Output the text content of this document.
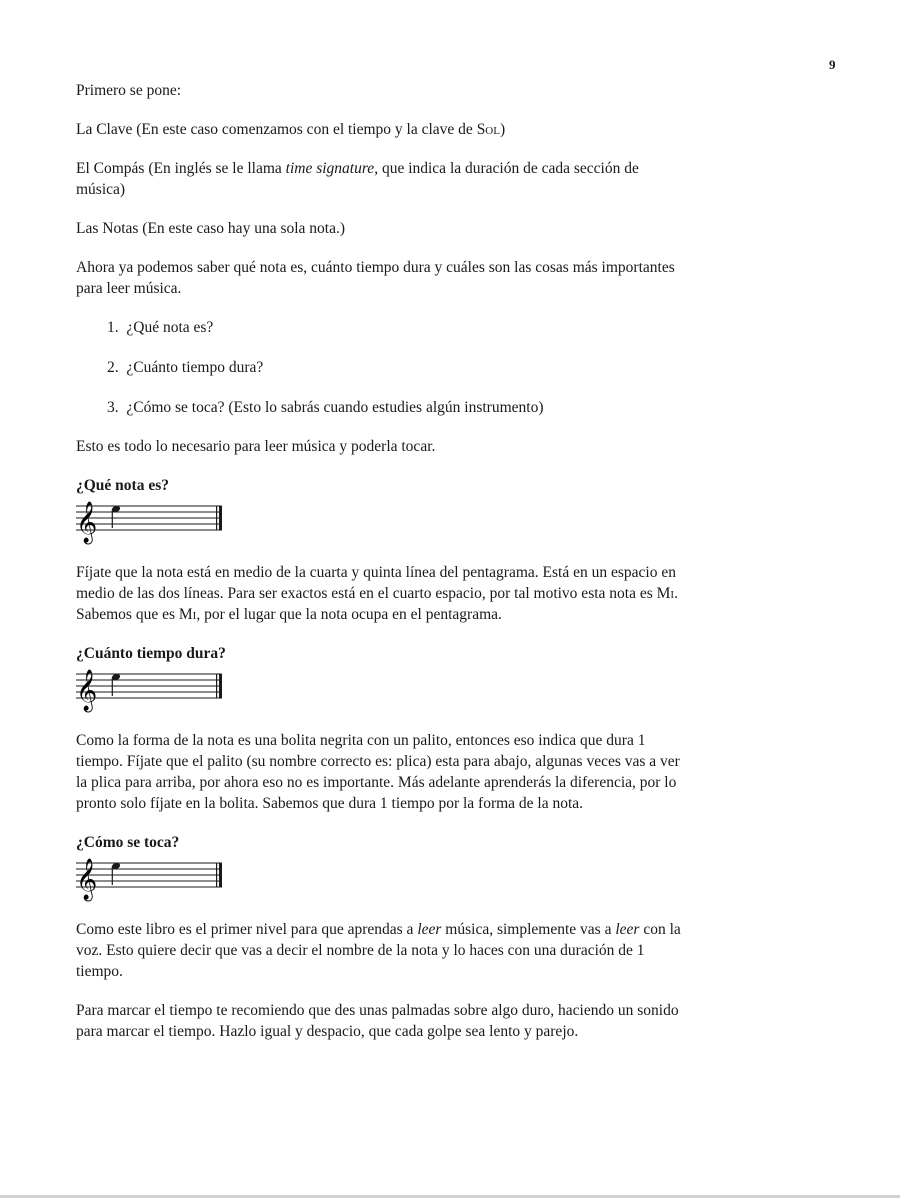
9

Primero se pone:

La Clave (En este caso comenzamos con el tiempo y la clave de Sol)

El Compás (En inglés se le llama time signature, que indica la duración de cada sección de música)

Las Notas (En este caso hay una sola nota.)

Ahora ya podemos saber qué nota es, cuánto tiempo dura y cuáles son las cosas más importantes para leer música.

1.  ¿Qué nota es?
2.  ¿Cuánto tiempo dura?
3.  ¿Cómo se toca? (Esto lo sabrás cuando estudies algún instrumento)

Esto es todo lo necesario para leer música y poderla tocar.

¿Qué nota es?

𝄞

Fíjate que la nota está en medio de la cuarta y quinta línea del pentagrama. Está en un espacio en medio de las dos líneas. Para ser exactos está en el cuarto espacio, por tal motivo esta nota es Mi. Sabemos que es Mi, por el lugar que la nota ocupa en el pentagrama.

¿Cuánto tiempo dura?

𝄞

Como la forma de la nota es una bolita negrita con un palito, entonces eso indica que dura 1 tiempo. Fíjate que el palito (su nombre correcto es: plica) esta para abajo, algunas veces vas a ver la plica para arriba, por ahora eso no es importante. Más adelante aprenderás la diferencia, por lo pronto solo fíjate en la bolita. Sabemos que dura 1 tiempo por la forma de la nota.

¿Cómo se toca?

𝄞

Como este libro es el primer nivel para que aprendas a leer música, simplemente vas a leer con la voz. Esto quiere decir que vas a decir el nombre de la nota y lo haces con una duración de 1 tiempo.

Para marcar el tiempo te recomiendo que des unas palmadas sobre algo duro, haciendo un sonido para marcar el tiempo. Hazlo igual y despacio, que cada golpe sea lento y parejo.
